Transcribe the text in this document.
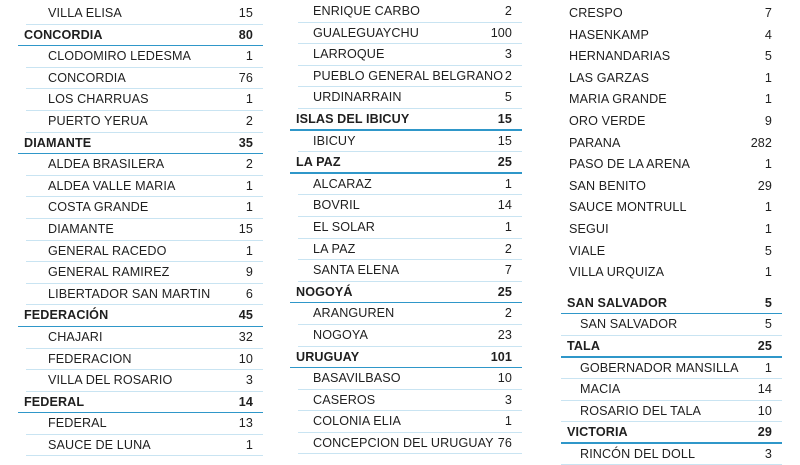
VILLA ELISA	15
CONCORDIA	80
CLODOMIRO LEDESMA	1
CONCORDIA	76
LOS CHARRUAS	1
PUERTO YERUA	2
DIAMANTE	35
ALDEA BRASILERA	2
ALDEA VALLE MARIA	1
COSTA GRANDE	1
DIAMANTE	15
GENERAL RACEDO	1
GENERAL RAMIREZ	9
LIBERTADOR SAN MARTIN	6
FEDERACIÓN	45
CHAJARI	32
FEDERACION	10
VILLA DEL ROSARIO	3
FEDERAL	14
FEDERAL	13
SAUCE DE LUNA	1
ENRIQUE CARBO	2
GUALEGUAYCHU	100
LARROQUE	3
PUEBLO GENERAL BELGRANO 2
URDINARRAIN	5
ISLAS DEL IBICUY	15
IBICUY	15
LA PAZ	25
ALCARAZ	1
BOVRIL	14
EL SOLAR	1
LA PAZ	2
SANTA ELENA	7
NOGOYÁ	25
ARANGUREN	2
NOGOYA	23
URUGUAY	101
BASAVILBASO	10
CASEROS	3
COLONIA ELIA	1
CONCEPCION DEL URUGUAY 76
CRESPO	7
HASENKAMP	4
HERNANDARIAS	5
LAS GARZAS	1
MARIA GRANDE	1
ORO VERDE	9
PARANA	282
PASO DE LA ARENA	1
SAN BENITO	29
SAUCE MONTRULL	1
SEGUI	1
VIALE	5
VILLA URQUIZA	1
SAN SALVADOR	5
SAN SALVADOR	5
TALA	25
GOBERNADOR MANSILLA 1
MACIA	14
ROSARIO DEL TALA	10
VICTORIA	29
RINCÓN DEL DOLL	3
